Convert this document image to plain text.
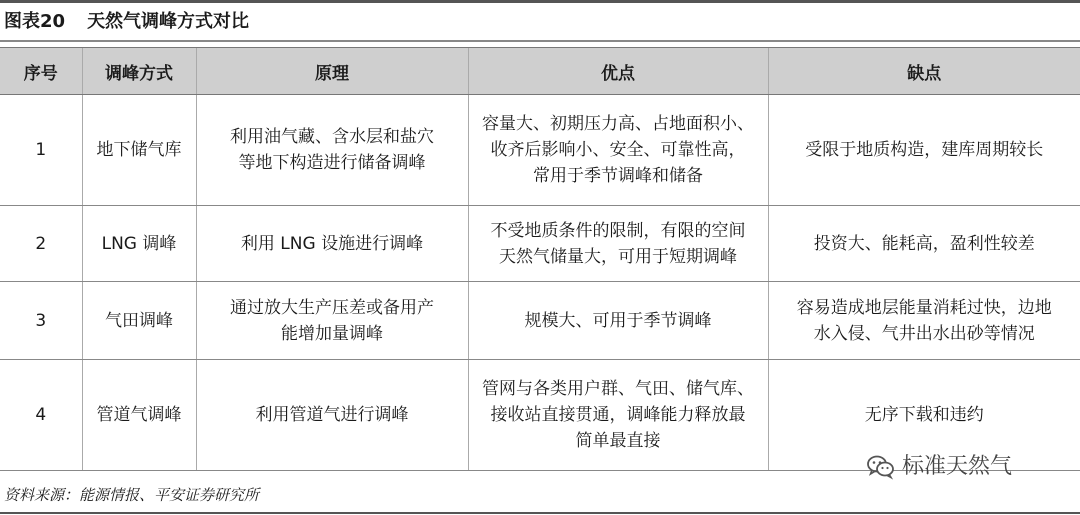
图表20 天然气调峰方式对比
序号	调峰方式	原理	优点	缺点
1	地下储气库	利用油气藏、含水层和盐穴
等地下构造进行储备调峰	容量大、初期压力高、占地面积小、
收齐后影响小、安全、可靠性高，
常用于季节调峰和储备	受限于地质构造，建库周期较长

2	LNG 调峰	利用 LNG 设施进行调峰	不受地质条件的限制，有限的空间
天然气储量大，可用于短期调峰	投资大、能耗高，盈利性较差

3	气田调峰	通过放大生产压差或备用产
能增加量调峰	规模大、可用于季节调峰	容易造成地层能量消耗过快，边地
水入侵、气井出水出砂等情况

4	管道气调峰	利用管道气进行调峰	管网与各类用户群、气田、储气库、
接收站直接贯通，调峰能力释放最
简单最直接	无序下载和违约
标准天然气
资料来源：能源情报、平安证券研究所
